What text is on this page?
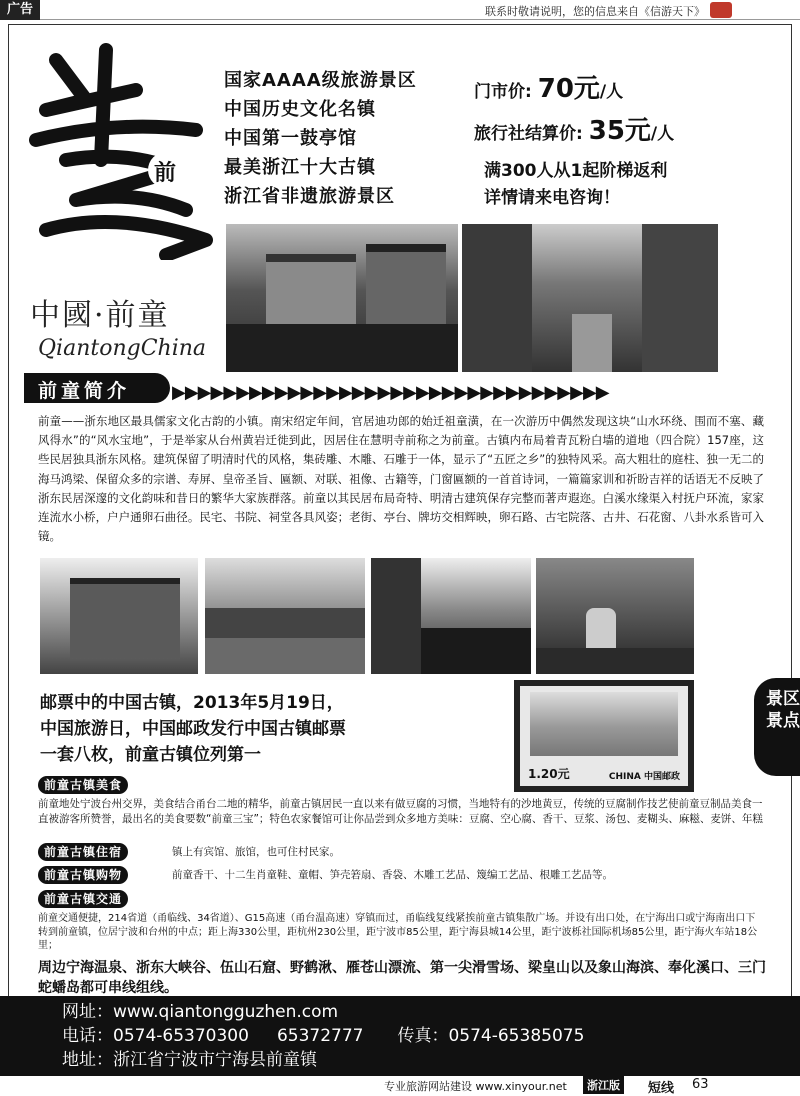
广告	联系时敬请说明，您的信息来自《信游天下》
前
中國·前童
QiantongChina
国家AAAA级旅游景区
中国历史文化名镇
中国第一鼓亭馆
最美浙江十大古镇
浙江省非遗旅游景区
门市价: 70元/人
旅行社结算价: 35元/人
满300人从1起阶梯返利
详情请来电咨询！
前童简介	▶▶▶▶▶▶▶▶▶▶▶▶▶▶▶▶▶▶▶▶▶▶▶▶▶▶▶▶▶▶▶▶▶▶
前童——浙东地区最具儒家文化古韵的小镇。南宋绍定年间，官居迪功郎的始迁祖童潢，在一次游历中偶然发现这块“山水环绕、围而不塞、藏风得水”的“风水宝地”，于是举家从台州黄岩迁徙到此，因居住在慧明寺前称之为前童。古镇内布局着青瓦粉白墙的道地（四合院）157座，这些民居独具浙东风格。建筑保留了明清时代的风格，集砖雕、木雕、石雕于一体，显示了“五匠之乡”的独特风采。高大粗壮的庭柱、独一无二的海马鸿梁、保留众多的宗谱、寿屏、皇帝圣旨、匾额、对联、祖像、古籍等，门窗匾额的一首首诗词，一篇篇家训和祈盼吉祥的话语无不反映了浙东民居深邃的文化韵味和昔日的繁华大家族群落。前童以其民居布局奇特、明清古建筑保存完整而著声遐迩。白溪水缘渠入村抚户环流，家家连流水小桥，户户通卵石曲径。民宅、书院、祠堂各具风姿；老街、亭台、牌坊交相辉映，卵石路、古宅院落、古井、石花窗、八卦水系皆可入镜。
邮票中的中国古镇，2013年5月19日，
中国旅游日，中国邮政发行中国古镇邮票
一套八枚，前童古镇位列第一
1.20元	CHINA 中国邮政
景区
景点
前童古镇美食
前童地处宁波台州交界，美食结合甬台二地的精华，前童古镇居民一直以来有做豆腐的习惯，当地特有的沙地黄豆，传统的豆腐制作技艺使前童豆制品美食一直被游客所赞誉，最出名的美食要数“前童三宝”；特色农家餐馆可让你品尝到众多地方美味：豆腐、空心腐、香干、豆浆、汤包、麦糊头、麻糍、麦饼、年糕
前童古镇住宿	镇上有宾馆、旅馆，也可住村民家。
前童古镇购物	前童香干、十二生肖童鞋、童帽、笋壳箬扇、香袋、木雕工艺品、篾编工艺品、根雕工艺品等。
前童古镇交通
前童交通便捷，214省道（甬临线、34省道）、G15高速（甬台温高速）穿镇而过，甬临线复线紧挨前童古镇集散广场。并设有出口处，在宁海出口或宁海南出口下转到前童镇，位居宁波和台州的中点；距上海330公里，距杭州230公里，距宁波市85公里，距宁海县城14公里，距宁波栎社国际机场85公里，距宁海火车站18公里；
周边宁海温泉、浙东大峡谷、伍山石窟、野鹤湫、雁苍山漂流、第一尖滑雪场、梁皇山以及象山海滨、奉化溪口、三门蛇蟠岛都可串线组线。
网址： www.qiantongguzhen.com
电话： 0574-65370300 65372777 传真： 0574-65385075
地址： 浙江省宁波市宁海县前童镇
专业旅游网站建设 www.xinyour.net	浙江版	短线 63
